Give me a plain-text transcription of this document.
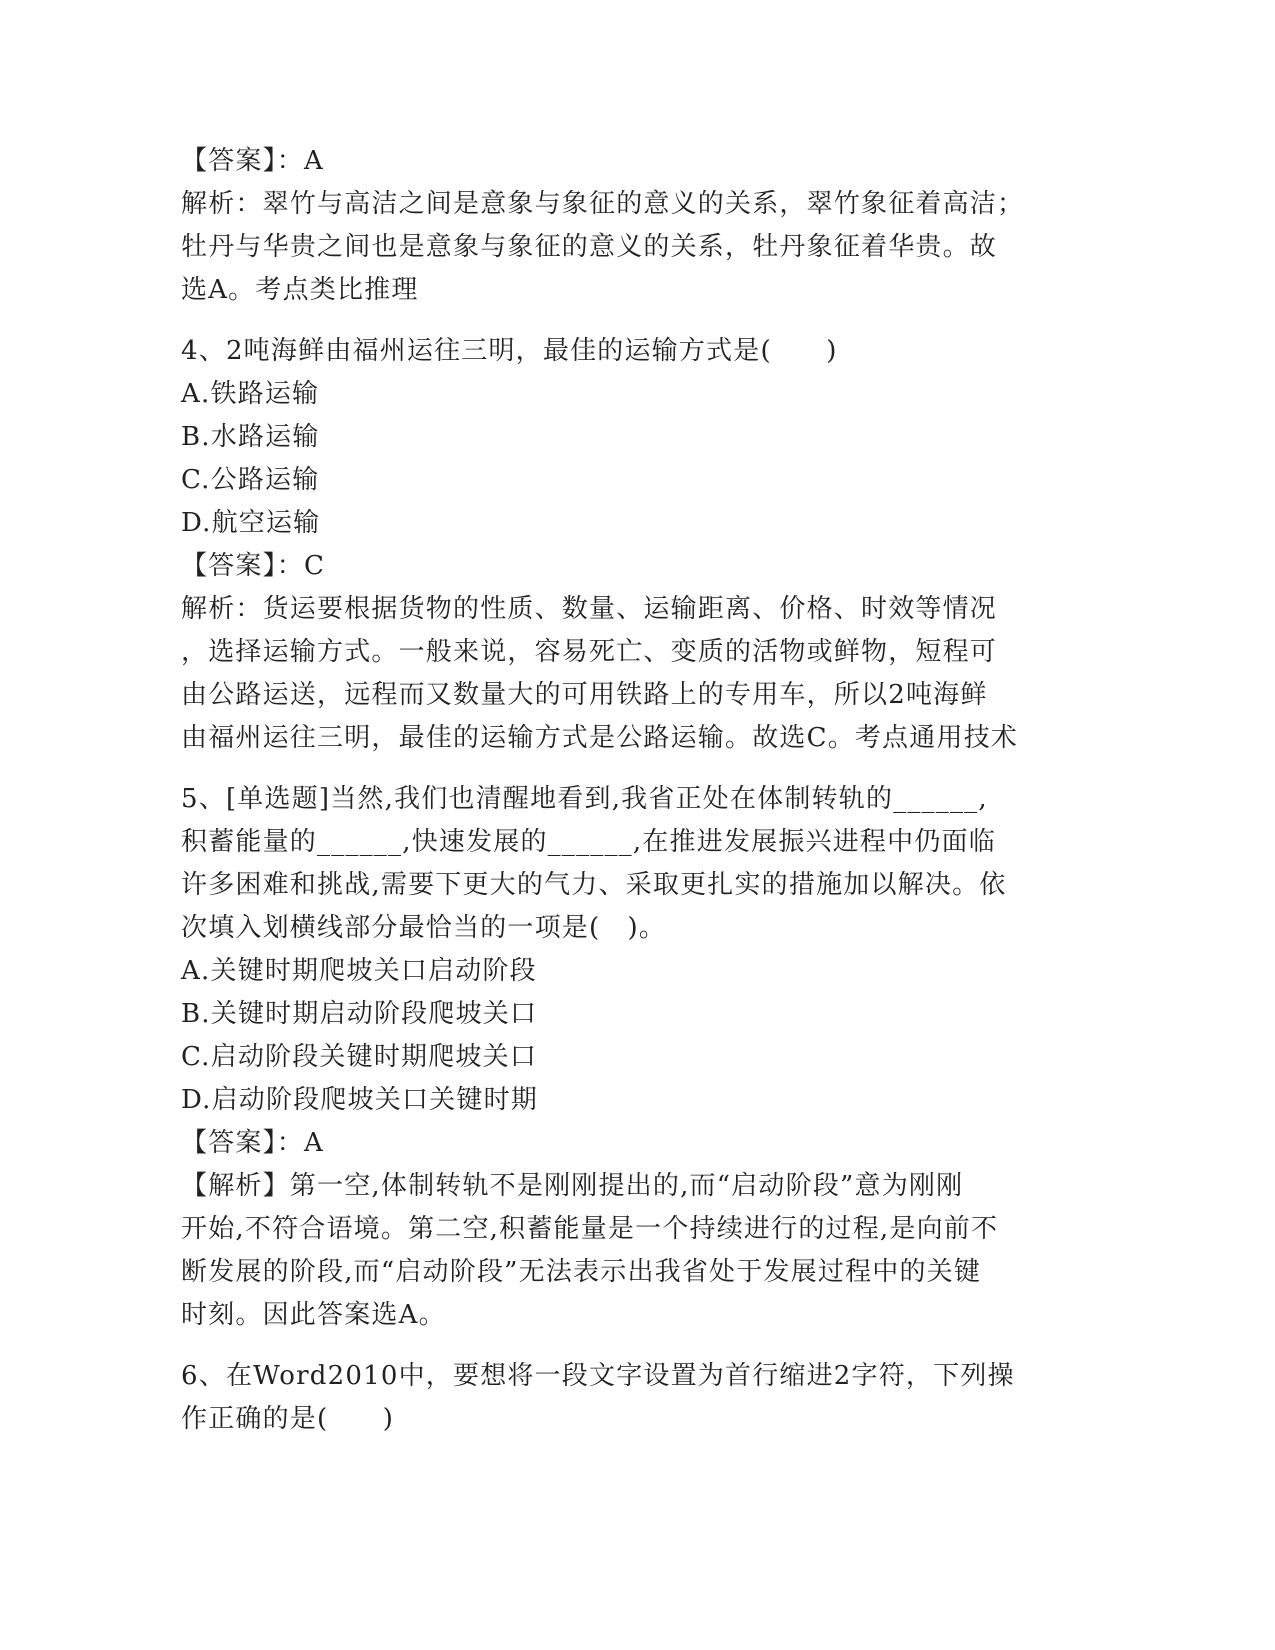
【答案】：A
解析：翠竹与高洁之间是意象与象征的意义的关系，翠竹象征着高洁；
牡丹与华贵之间也是意象与象征的意义的关系，牡丹象征着华贵。故
选A。考点类比推理
4、2吨海鲜由福州运往三明，最佳的运输方式是(　　)
A.铁路运输
B.水路运输
C.公路运输
D.航空运输
【答案】：C
解析：货运要根据货物的性质、数量、运输距离、价格、时效等情况
，选择运输方式。一般来说，容易死亡、变质的活物或鲜物，短程可
由公路运送，远程而又数量大的可用铁路上的专用车，所以2吨海鲜
由福州运往三明，最佳的运输方式是公路运输。故选C。考点通用技术
5、[单选题]当然,我们也清醒地看到,我省正处在体制转轨的______,
积蓄能量的______,快速发展的______,在推进发展振兴进程中仍面临
许多困难和挑战,需要下更大的气力、采取更扎实的措施加以解决。依
次填入划横线部分最恰当的一项是(　)。
A.关键时期爬坡关口启动阶段
B.关键时期启动阶段爬坡关口
C.启动阶段关键时期爬坡关口
D.启动阶段爬坡关口关键时期
【答案】：A
【解析】第一空,体制转轨不是刚刚提出的,而“启动阶段”意为刚刚
开始,不符合语境。第二空,积蓄能量是一个持续进行的过程,是向前不
断发展的阶段,而“启动阶段”无法表示出我省处于发展过程中的关键
时刻。因此答案选A。
6、在Word2010中，要想将一段文字设置为首行缩进2字符，下列操
作正确的是(　　)
